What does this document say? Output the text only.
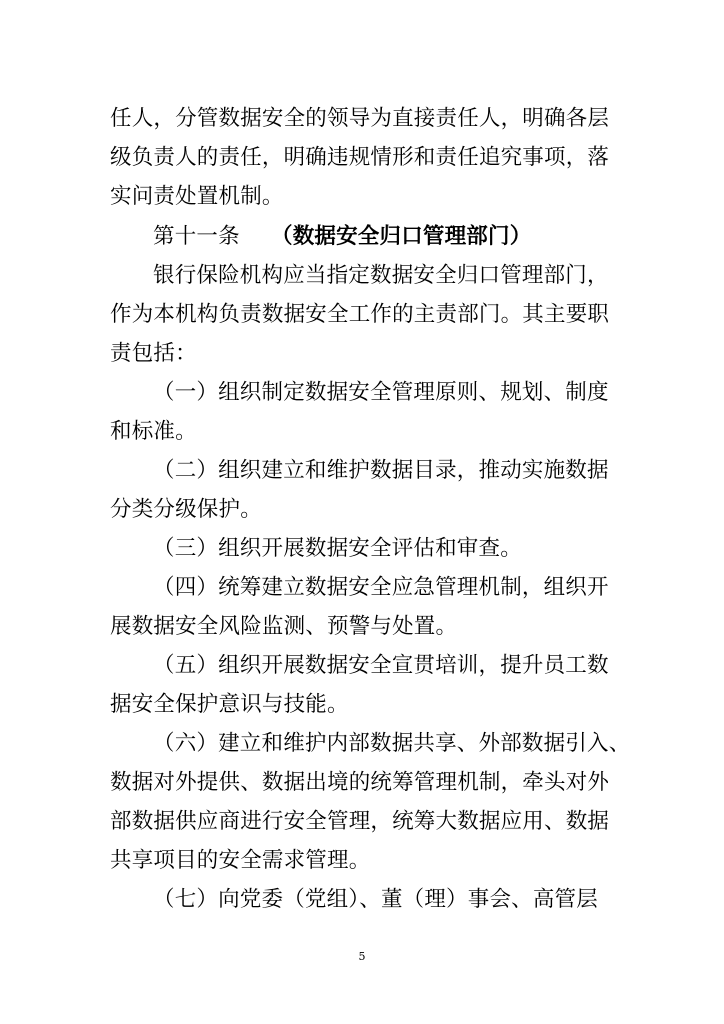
任人，分管数据安全的领导为直接责任人，明确各层
级负责人的责任，明确违规情形和责任追究事项，落
实问责处置机制。
第十一条 （数据安全归口管理部门）
银行保险机构应当指定数据安全归口管理部门，
作为本机构负责数据安全工作的主责部门。其主要职
责包括：
（一）组织制定数据安全管理原则、规划、制度
和标准。
（二）组织建立和维护数据目录，推动实施数据
分类分级保护。
（三）组织开展数据安全评估和审查。
（四）统筹建立数据安全应急管理机制，组织开
展数据安全风险监测、预警与处置。
（五）组织开展数据安全宣贯培训，提升员工数
据安全保护意识与技能。
（六）建立和维护内部数据共享、外部数据引入、
数据对外提供、数据出境的统筹管理机制，牵头对外
部数据供应商进行安全管理，统筹大数据应用、数据
共享项目的安全需求管理。
（七）向党委（党组）、董（理）事会、高管层
5
